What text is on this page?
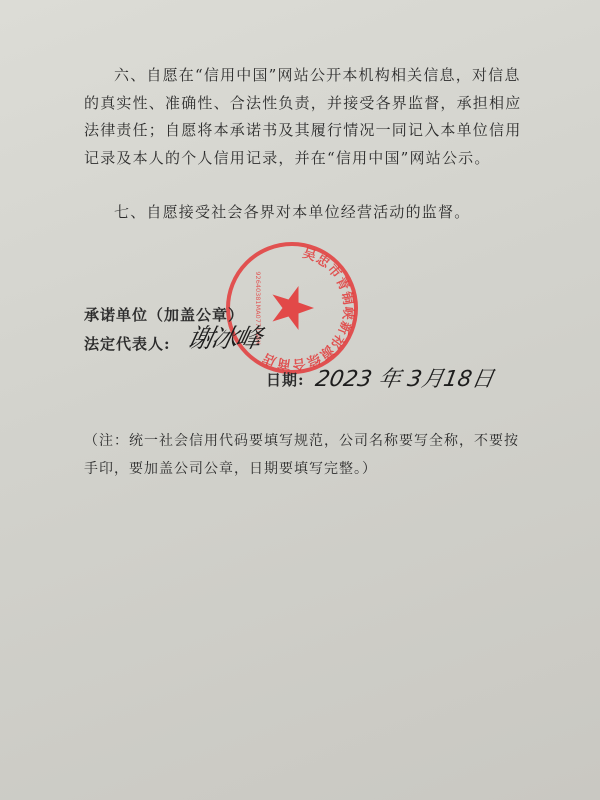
六、自愿在“信用中国”网站公开本机构相关信息，对信息的真实性、准确性、合法性负责，并接受各界监督，承担相应法律责任；自愿将本承诺书及其履行情况一同记入本单位信用记录及本人的个人信用记录，并在“信用中国”网站公示。

七、自愿接受社会各界对本单位经营活动的监督。

吴忠市青铜峡新祁源综合商店
92640381MA0771N8X
承诺单位（加盖公章）
法定代表人: 谢冰峰
日期: 2023 年 3月18日
（注：统一社会信用代码要填写规范，公司名称要写全称，不要按手印，要加盖公司公章，日期要填写完整。）
